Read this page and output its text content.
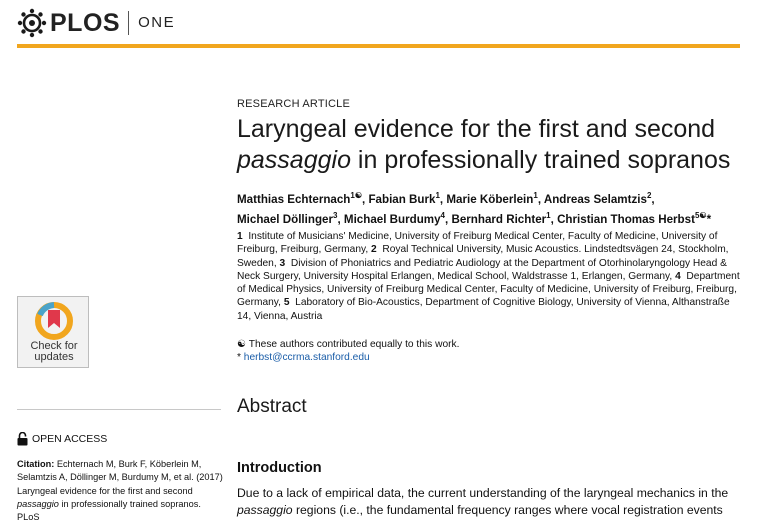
PLOS ONE
RESEARCH ARTICLE
Laryngeal evidence for the first and second
passaggio in professionally trained sopranos
Matthias Echternach$^{1☯}$, Fabian Burk$^1$, Marie Köberlein$^1$, Andreas Selamtzis$^2$,
Michael Döllinger$^3$, Michael Burdumy$^4$, Bernhard Richter$^1$, Christian Thomas Herbst$^{5☯}$*
1 Institute of Musicians' Medicine, University of Freiburg Medical Center, Faculty of Medicine, University of Freiburg, Freiburg, Germany, 2 Royal Technical University, Music Acoustics. Lindstedtsvägen 24, Stockholm, Sweden, 3 Division of Phoniatrics and Pediatric Audiology at the Department of Otorhinolaryngology Head & Neck Surgery, University Hospital Erlangen, Medical School, Waldstrasse 1, Erlangen, Germany, 4 Department of Medical Physics, University of Freiburg Medical Center, Faculty of Medicine, University of Freiburg, Freiburg, Germany, 5 Laboratory of Bio-Acoustics, Department of Cognitive Biology, University of Vienna, Althanstraße 14, Vienna, Austria
☯ These authors contributed equally to this work.
* herbst@ccrma.stanford.edu
Abstract
Introduction
Due to a lack of empirical data, the current understanding of the laryngeal mechanics in the
passaggio regions (i.e., the fundamental frequency ranges where vocal registration events
Check for
updates
OPEN ACCESS
Citation: Echternach M, Burk F, Köberlein M, Selamtzis A, Döllinger M, Burdumy M, et al. (2017) Laryngeal evidence for the first and second passaggio in professionally trained sopranos. PLoS
